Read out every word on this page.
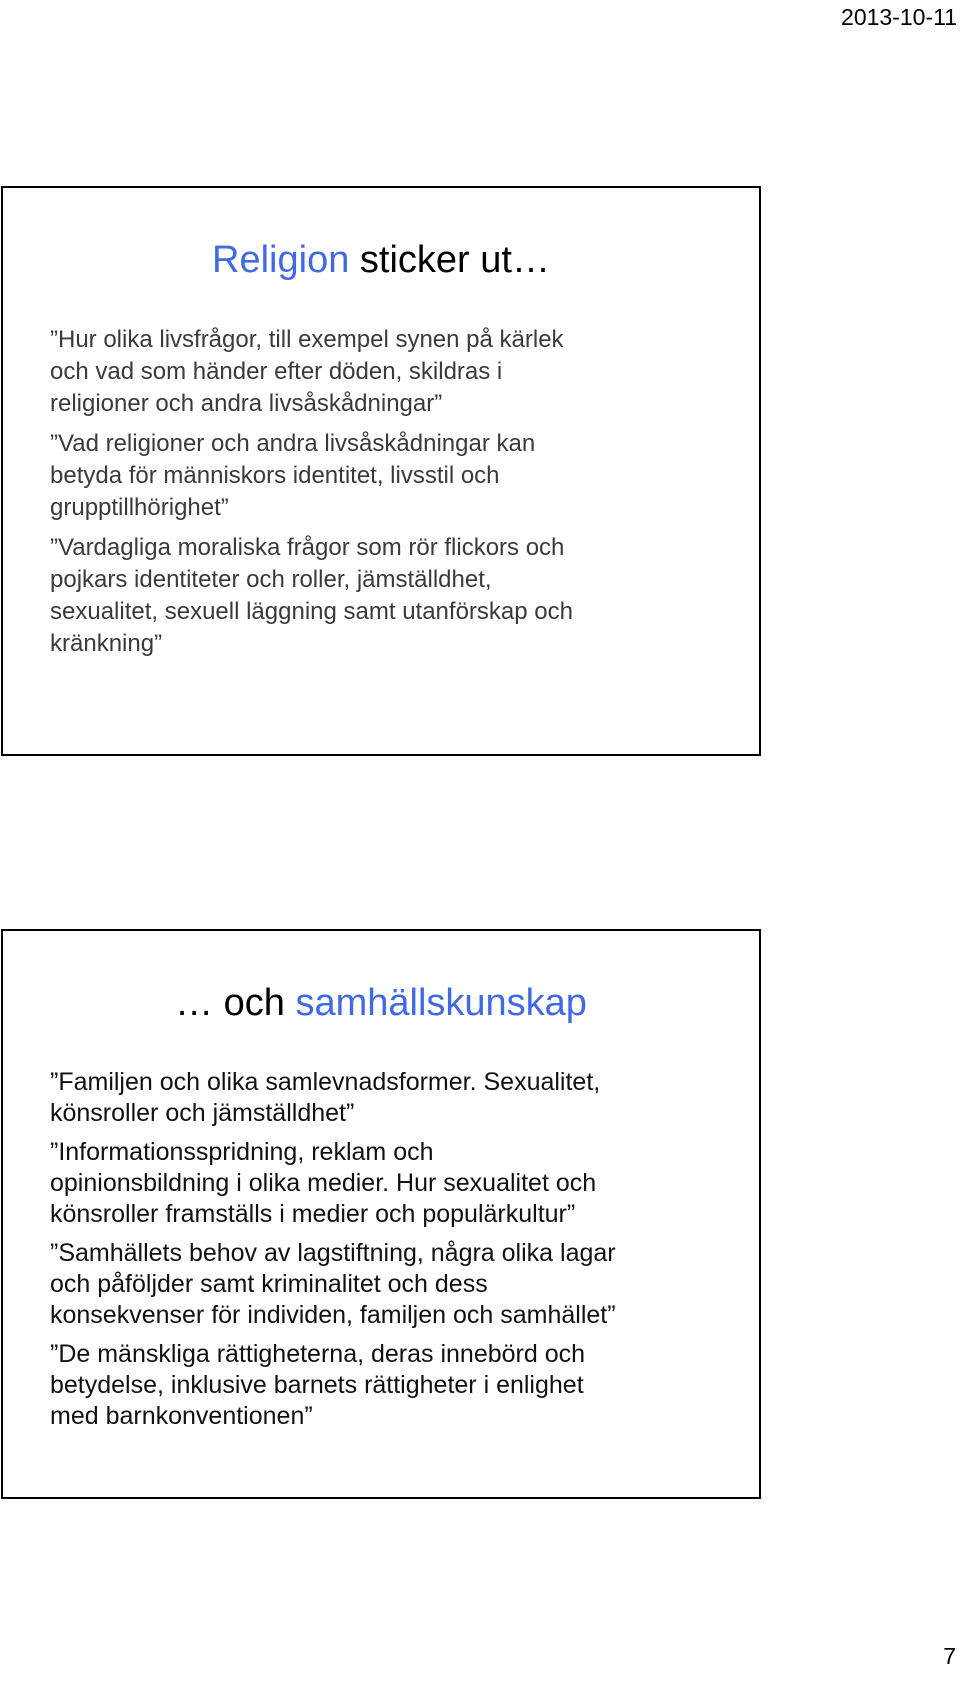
2013-10-11
Religion sticker ut…
”Hur olika livsfrågor, till exempel synen på kärlek
och vad som händer efter döden, skildras i
religioner och andra livsåskådningar”
”Vad religioner och andra livsåskådningar kan
betyda för människors identitet, livsstil och
grupptillhörighet”
”Vardagliga moraliska frågor som rör flickors och
pojkars identiteter och roller, jämställdhet,
sexualitet, sexuell läggning samt utanförskap och
kränkning”
… och samhällskunskap
”Familjen och olika samlevnadsformer. Sexualitet,
könsroller och jämställdhet”
”Informationsspridning, reklam och
opinionsbildning i olika medier. Hur sexualitet och
könsroller framställs i medier och populärkultur”
”Samhällets behov av lagstiftning, några olika lagar
och påföljder samt kriminalitet och dess
konsekvenser för individen, familjen och samhället”
”De mänskliga rättigheterna, deras innebörd och
betydelse, inklusive barnets rättigheter i enlighet
med barnkonventionen”
7
